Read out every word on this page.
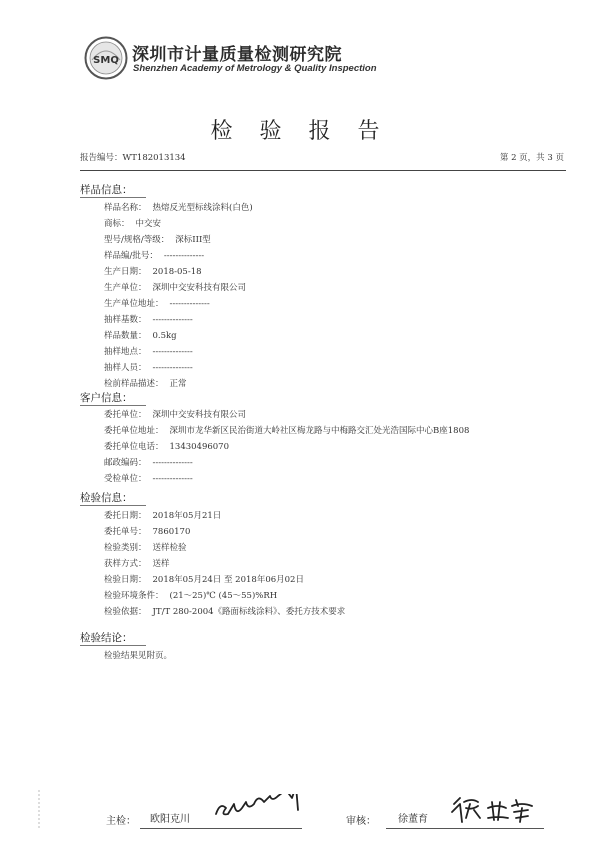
SMQ 深圳市计量质量检测研究院
Shenzhen Academy of Metrology & Quality Inspection
检 验 报 告
报告编号：WT182013134	第 2 页，共 3 页
样品信息：
样品名称： 热熔反光型标线涂料(白色)
商标： 中交安
型号/规格/等级： 深标III型
样品编/批号： --------------
生产日期： 2018-05-18
生产单位： 深圳中交安科技有限公司
生产单位地址： --------------
抽样基数： --------------
样品数量： 0.5kg
抽样地点： --------------
抽样人员： --------------
检前样品描述： 正常
客户信息：
委托单位： 深圳中交安科技有限公司
委托单位地址： 深圳市龙华新区民治街道大岭社区梅龙路与中梅路交汇处光浩国际中心B座1808
委托单位电话： 13430496070
邮政编码： --------------
受检单位： --------------
检验信息：
委托日期： 2018年05月21日
委托单号： 7860170
检验类别： 送样检验
获样方式： 送样
检验日期： 2018年05月24日 至 2018年06月02日
检验环境条件： (21～25)℃ (45～55)%RH
检验依据： JT/T 280-2004《路面标线涂料》、委托方技术要求
检验结论：
检验结果见附页。
主检： 欧阳克川	审核： 徐董育
